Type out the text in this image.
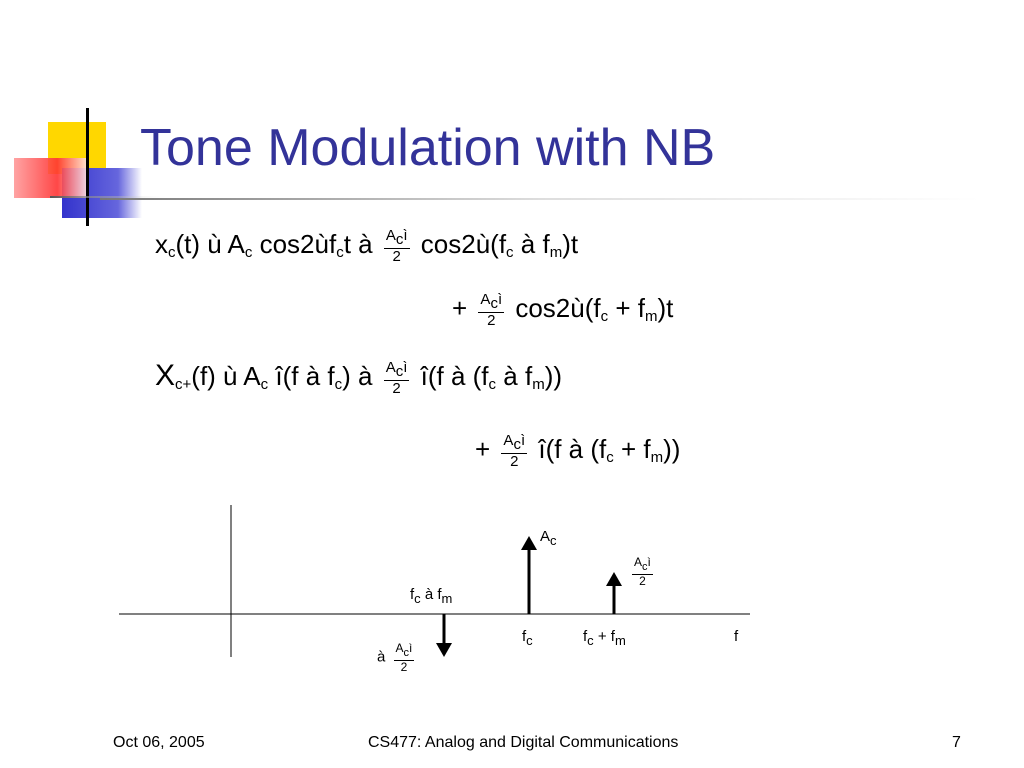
Tone Modulation with NB
$x_c(t)$ ù $A_c$ $\cos 2ùf_ct$ à $\frac{A_cì}{2}$ $\cos 2ù(f_c$ à $f_m)t$
+ $\frac{A_cì}{2}$ $\cos 2ù(f_c + f_m)t$
$X_{c+}(f)$ ù $A_c$ î(f à $f_c$) à $\frac{A_cì}{2}$ î(f à ($f_c$ à $f_m$))
+ $\frac{A_cì}{2}$ î(f à $(f_c + f_m)$)
$A_c$
$\frac{A_cì}{2}$
$f_c$ à $f_m$
à $\frac{A_cì}{2}$
$f_c$	$f_c + f_m$	f
Oct 06, 2005	CS477: Analog and Digital Communications	7
